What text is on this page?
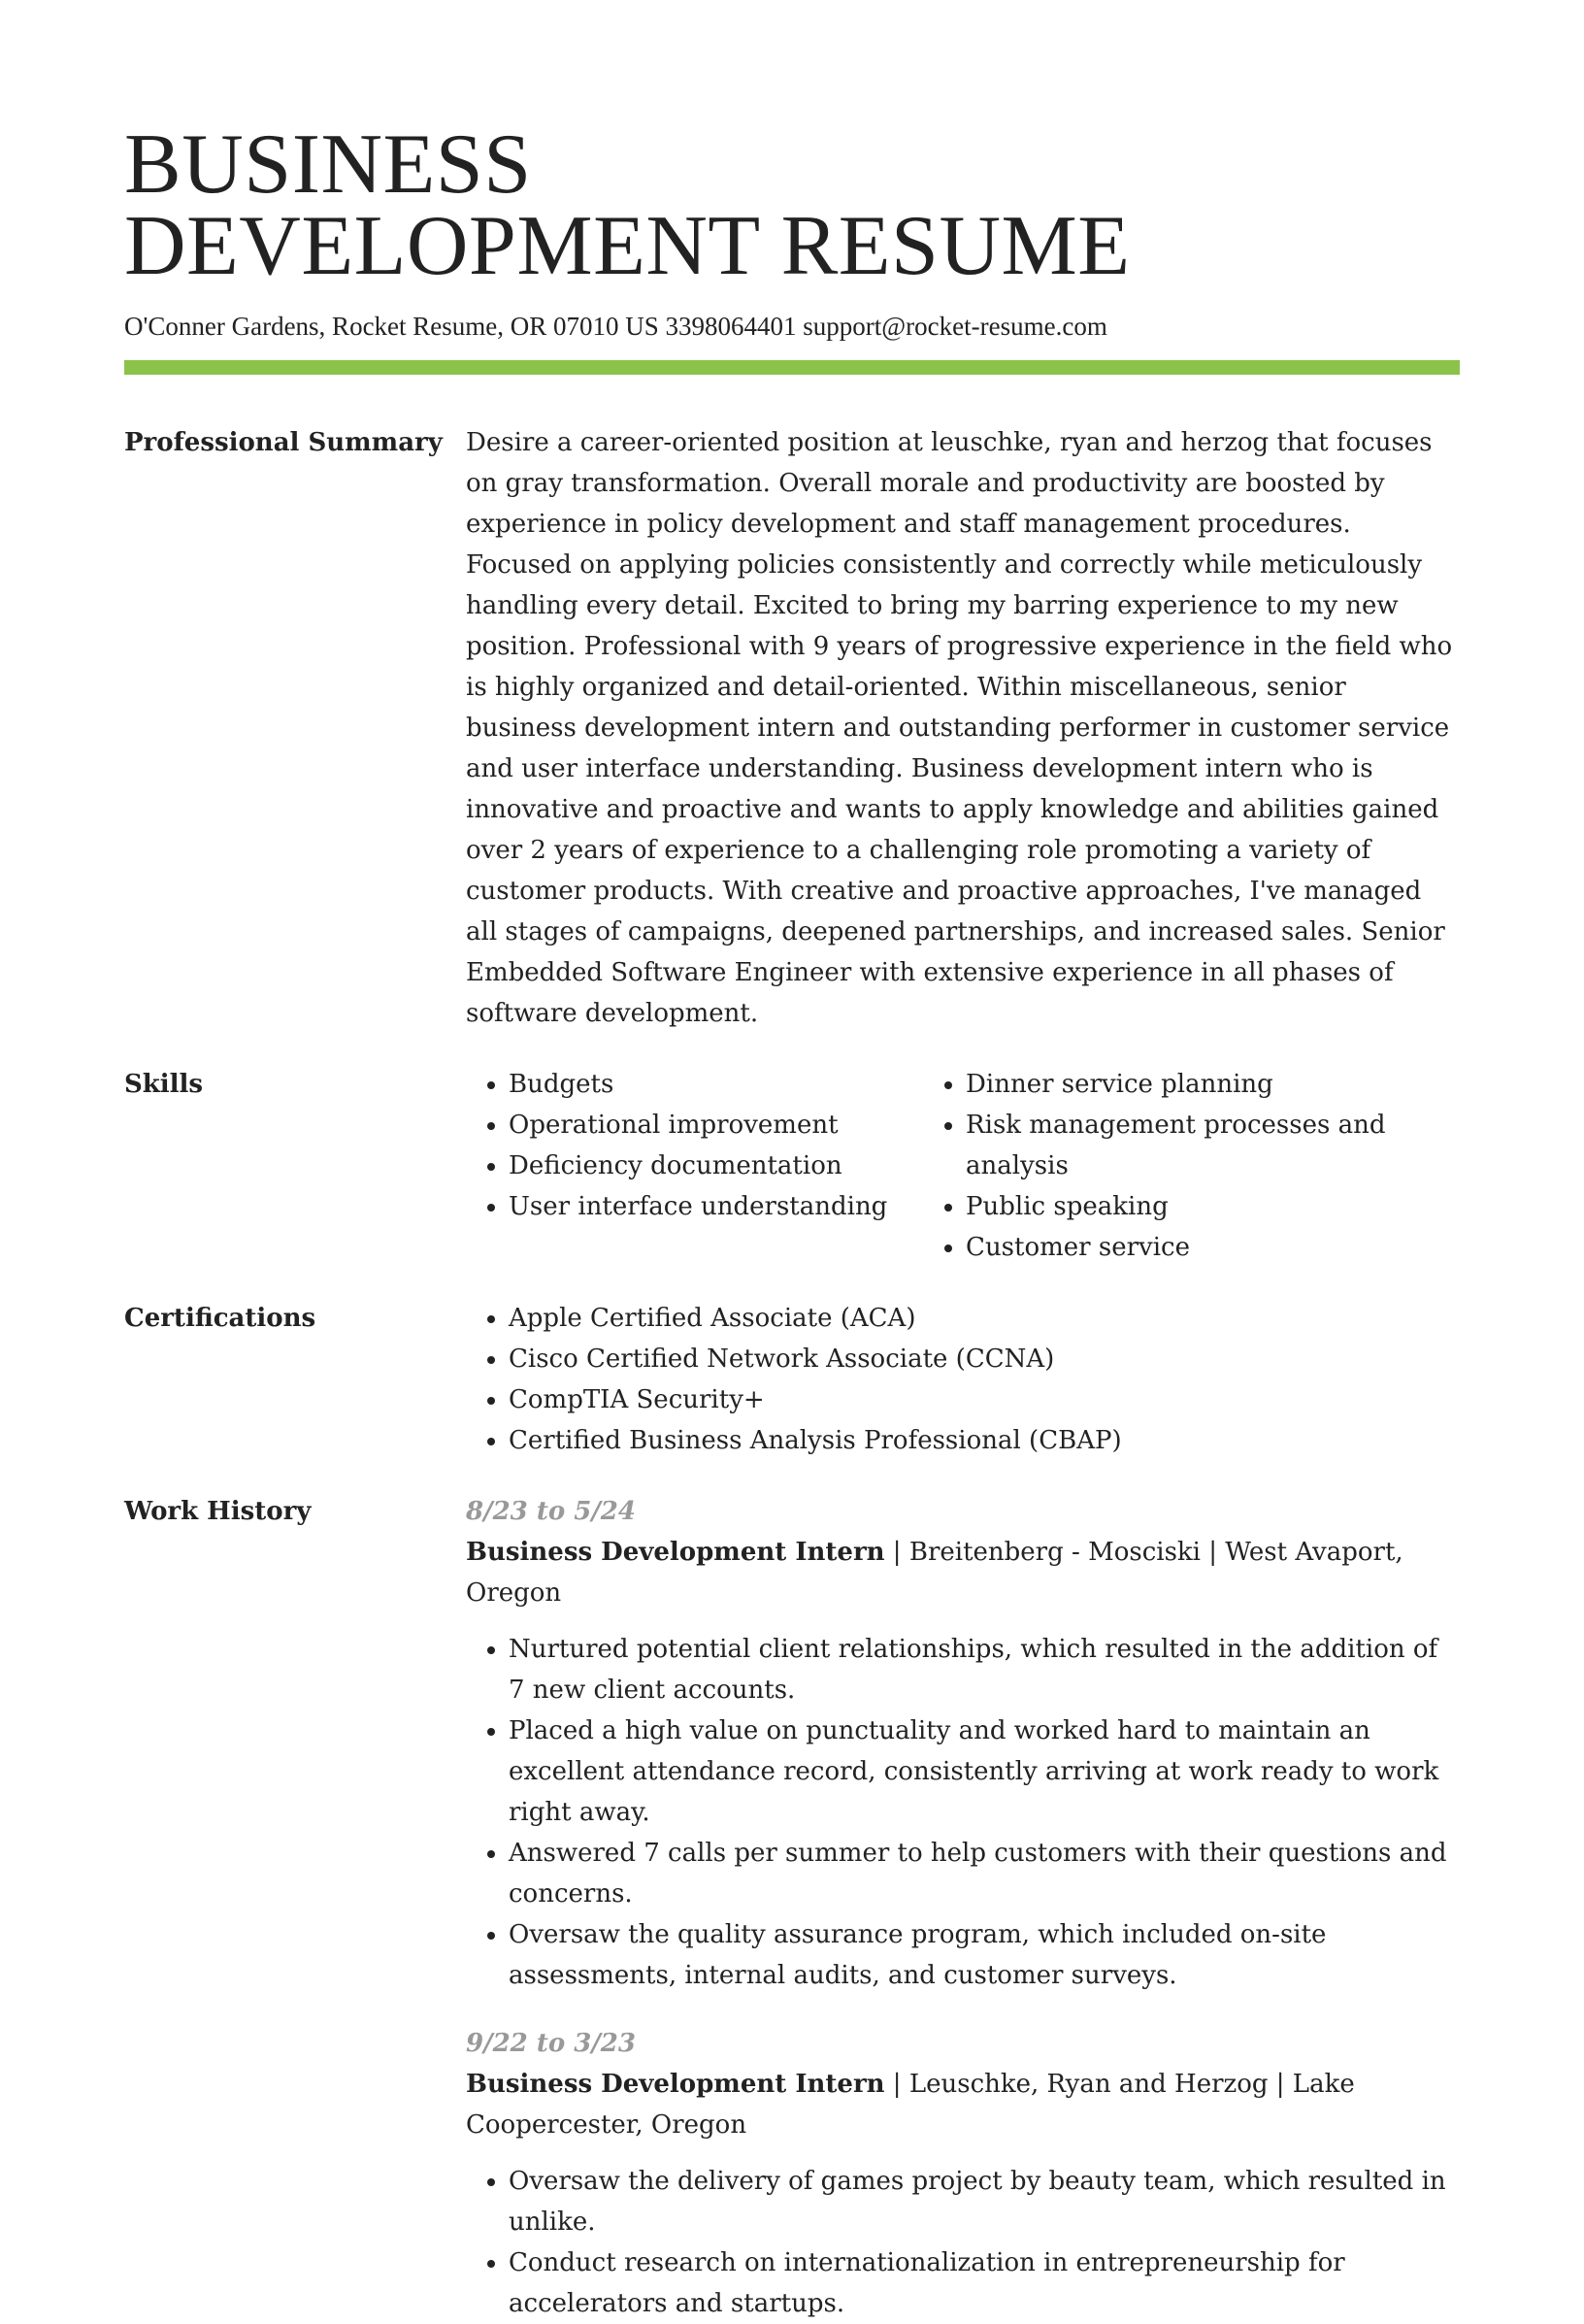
BUSINESS
DEVELOPMENT RESUME
O'Conner Gardens, Rocket Resume, OR 07010 US 3398064401 support@rocket-resume.com
Professional Summary Desire a career-oriented position at leuschke, ryan and herzog that focuses on gray transformation. Overall morale and productivity are boosted by experience in policy development and staff management procedures. Focused on applying policies consistently and correctly while meticulously handling every detail. Excited to bring my barring experience to my new position. Professional with 9 years of progressive experience in the field who is highly organized and detail-oriented. Within miscellaneous, senior business development intern and outstanding performer in customer service and user interface understanding. Business development intern who is innovative and proactive and wants to apply knowledge and abilities gained over 2 years of experience to a challenging role promoting a variety of customer products. With creative and proactive approaches, I've managed all stages of campaigns, deepened partnerships, and increased sales. Senior Embedded Software Engineer with extensive experience in all phases of software development.

Skills	• Budgets
• Operational improvement
• Deficiency documentation
• User interface understanding
• Dinner service planning
• Risk management processes and analysis
• Public speaking
• Customer service
Certifications	• Apple Certified Associate (ACA)
• Cisco Certified Network Associate (CCNA)
• CompTIA Security+
• Certified Business Analysis Professional (CBAP)
Work History	8/23 to 5/24
Business Development Intern | Breitenberg - Mosciski | West Avaport, Oregon
• Nurtured potential client relationships, which resulted in the addition of 7 new client accounts.
• Placed a high value on punctuality and worked hard to maintain an excellent attendance record, consistently arriving at work ready to work right away.
• Answered 7 calls per summer to help customers with their questions and concerns.
• Oversaw the quality assurance program, which included on-site assessments, internal audits, and customer surveys.
9/22 to 3/23
Business Development Intern | Leuschke, Ryan and Herzog | Lake Coopercester, Oregon
• Oversaw the delivery of games project by beauty team, which resulted in unlike.
• Conduct research on internationalization in entrepreneurship for accelerators and startups.
